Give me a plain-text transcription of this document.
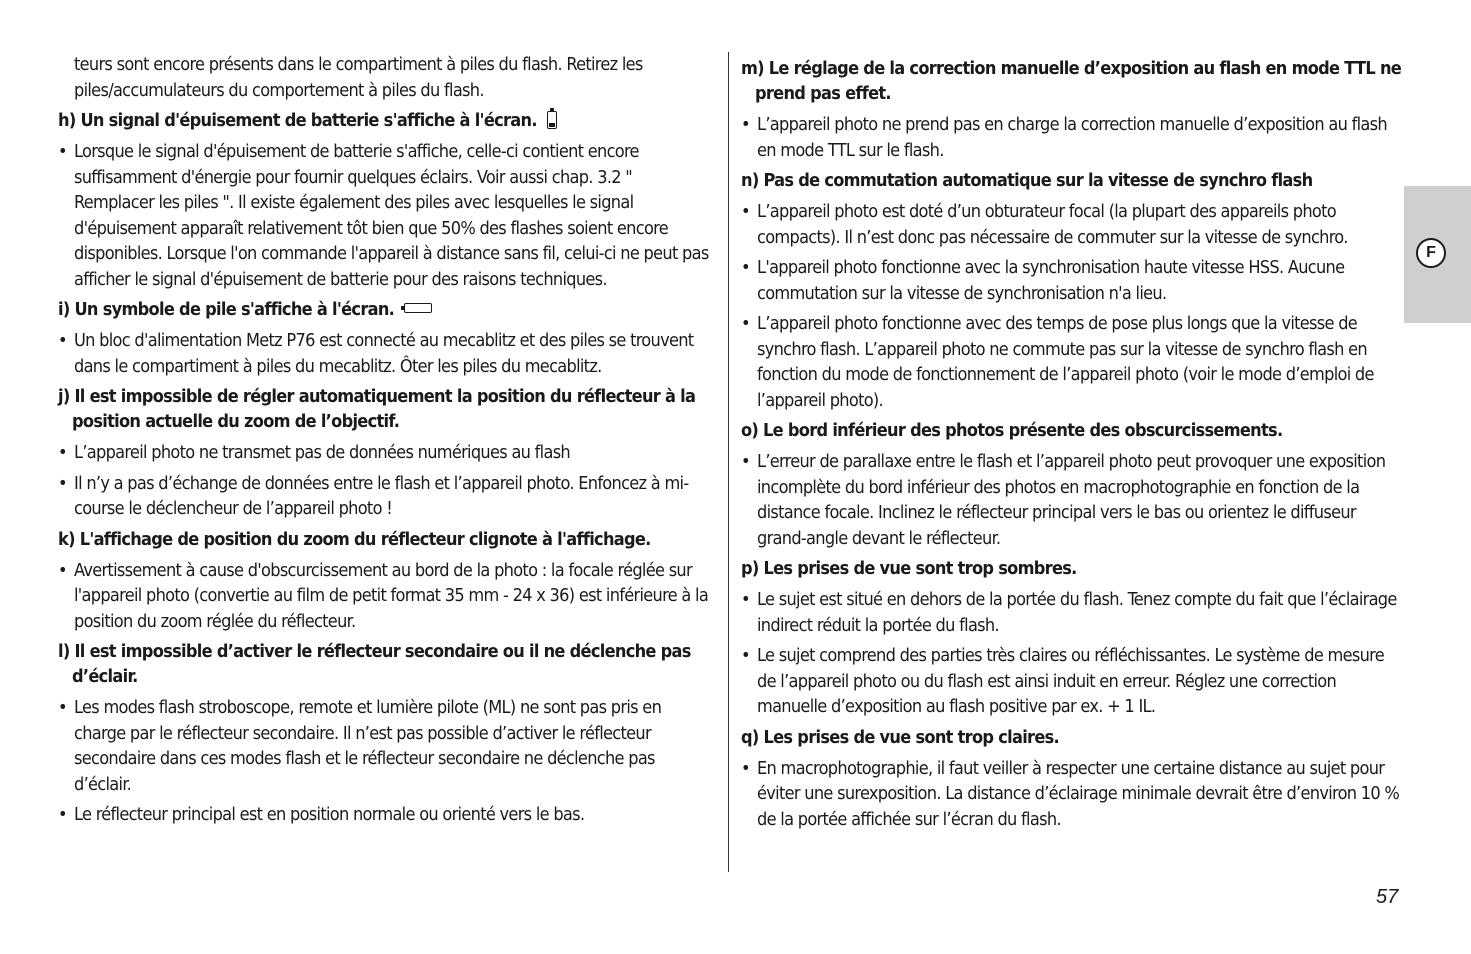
teurs sont encore présents dans le compartiment à piles du flash. Retirez les piles/accumulateurs du comportement à piles du flash.

h) Un signal d'épuisement de batterie s'affiche à l'écran.
• Lorsque le signal d'épuisement de batterie s'affiche, celle-ci contient encore suffisamment d'énergie pour fournir quelques éclairs. Voir aussi chap. 3.2 " Remplacer les piles ". Il existe également des piles avec lesquelles le signal d'épuisement apparaît relativement tôt bien que 50% des flashes soient encore disponibles. Lorsque l'on commande l'appareil à distance sans fil, celui-ci ne peut pas afficher le signal d'épuisement de batterie pour des raisons techniques.
i) Un symbole de pile s'affiche à l'écran.
• Un bloc d'alimentation Metz P76 est connecté au mecablitz et des piles se trouvent dans le compartiment à piles du mecablitz. Ôter les piles du mecablitz.
j) Il est impossible de régler automatiquement la position du réflecteur à la position actuelle du zoom de l’objectif.
• L’appareil photo ne transmet pas de données numériques au flash
• Il n’y a pas d’échange de données entre le flash et l’appareil photo. Enfoncez à mi-course le déclencheur de l’appareil photo !
k) L'affichage de position du zoom du réflecteur clignote à l'affichage.
• Avertissement à cause d'obscurcissement au bord de la photo : la focale réglée sur l'appareil photo (convertie au film de petit format 35 mm - 24 x 36) est inférieure à la position du zoom réglée du réflecteur.
l) Il est impossible d’activer le réflecteur secondaire ou il ne déclenche pas d’éclair.
• Les modes flash stroboscope, remote et lumière pilote (ML) ne sont pas pris en charge par le réflecteur secondaire. Il n’est pas possible d’activer le réflecteur secondaire dans ces modes flash et le réflecteur secondaire ne déclenche pas d’éclair.
• Le réflecteur principal est en position normale ou orienté vers le bas.
m) Le réglage de la correction manuelle d’exposition au flash en mode TTL ne prend pas effet.
• L’appareil photo ne prend pas en charge la correction manuelle d’exposition au flash en mode TTL sur le flash.
n) Pas de commutation automatique sur la vitesse de synchro flash
• L’appareil photo est doté d’un obturateur focal (la plupart des appareils photo compacts). Il n’est donc pas nécessaire de commuter sur la vitesse de synchro.
• L'appareil photo fonctionne avec la synchronisation haute vitesse HSS. Aucune commutation sur la vitesse de synchronisation n'a lieu.
• L’appareil photo fonctionne avec des temps de pose plus longs que la vitesse de synchro flash. L’appareil photo ne commute pas sur la vitesse de synchro flash en fonction du mode de fonctionnement de l’appareil photo (voir le mode d’emploi de l’appareil photo).
o) Le bord inférieur des photos présente des obscurcissements.
• L’erreur de parallaxe entre le flash et l’appareil photo peut provoquer une exposition incomplète du bord inférieur des photos en macrophotographie en fonction de la distance focale. Inclinez le réflecteur principal vers le bas ou orientez le diffuseur grand-angle devant le réflecteur.
p) Les prises de vue sont trop sombres.
• Le sujet est situé en dehors de la portée du flash. Tenez compte du fait que l’éclairage indirect réduit la portée du flash.
• Le sujet comprend des parties très claires ou réfléchissantes. Le système de mesure de l’appareil photo ou du flash est ainsi induit en erreur. Réglez une correction manuelle d’exposition au flash positive par ex. + 1 IL.
q) Les prises de vue sont trop claires.
• En macrophotographie, il faut veiller à respecter une certaine distance au sujet pour éviter une surexposition. La distance d’éclairage minimale devrait être d’environ 10 % de la portée affichée sur l’écran du flash.
F
57
